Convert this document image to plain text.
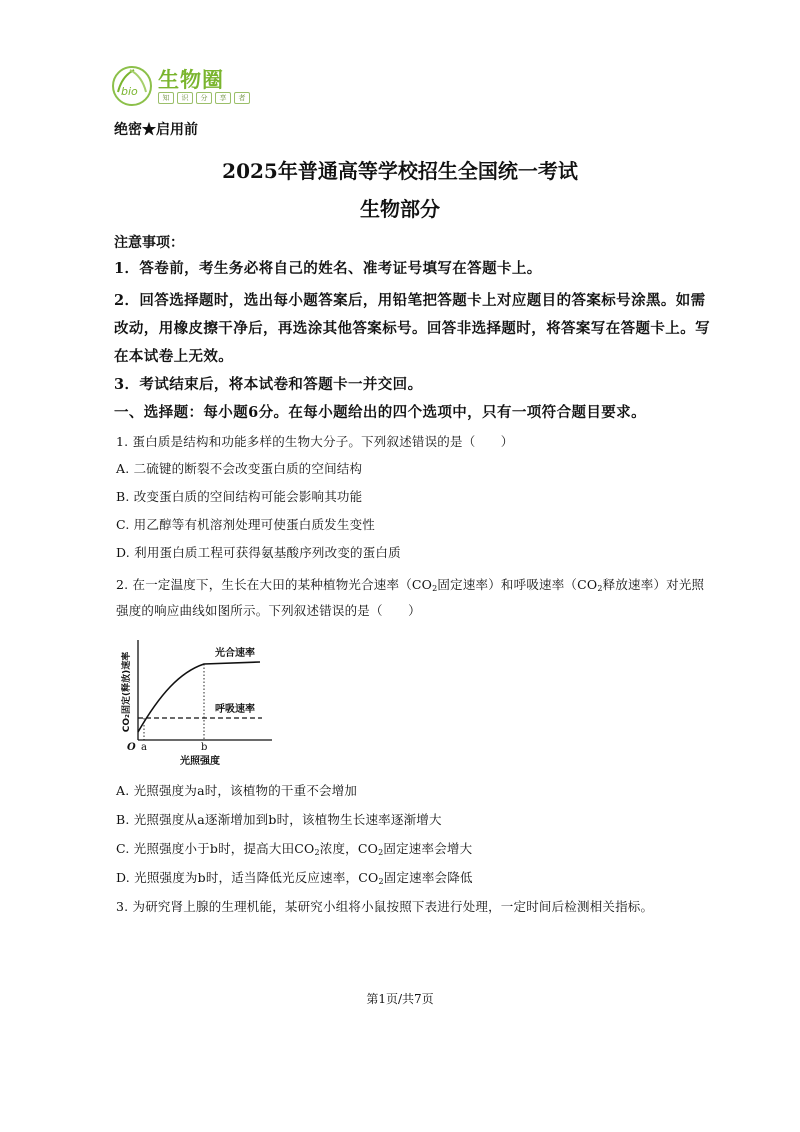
bio 生物圈
知	识	分	享	者
绝密★启用前
2025年普通高等学校招生全国统一考试
生物部分
注意事项：
1．答卷前，考生务必将自己的姓名、准考证号填写在答题卡上。
2．回答选择题时，选出每小题答案后，用铅笔把答题卡上对应题目的答案标号涂黑。如需
改动，用橡皮擦干净后，再选涂其他答案标号。回答非选择题时，将答案写在答题卡上。写
在本试卷上无效。
3．考试结束后，将本试卷和答题卡一并交回。
一、选择题：每小题6分。在每小题给出的四个选项中，只有一项符合题目要求。
1. 蛋白质是结构和功能多样的生物大分子。下列叙述错误的是（　　）
A. 二硫键的断裂不会改变蛋白质的空间结构
B. 改变蛋白质的空间结构可能会影响其功能
C. 用乙醇等有机溶剂处理可使蛋白质发生变性
D. 利用蛋白质工程可获得氨基酸序列改变的蛋白质
2. 在一定温度下，生长在大田的某种植物光合速率（$CO_2$固定速率）和呼吸速率（$CO_2$释放速率）对光照
强度的响应曲线如图所示。下列叙述错误的是（　　）
CO₂固定(释放)速率	光合速率
呼吸速率
O a	b
光照强度
A. 光照强度为a时，该植物的干重不会增加
B. 光照强度从a逐渐增加到b时，该植物生长速率逐渐增大
C. 光照强度小于b时，提高大田$CO_2$浓度，$CO_2$固定速率会增大
D. 光照强度为b时，适当降低光反应速率，$CO_2$固定速率会降低
3. 为研究肾上腺的生理机能，某研究小组将小鼠按照下表进行处理，一定时间后检测相关指标。
第1页/共7页
